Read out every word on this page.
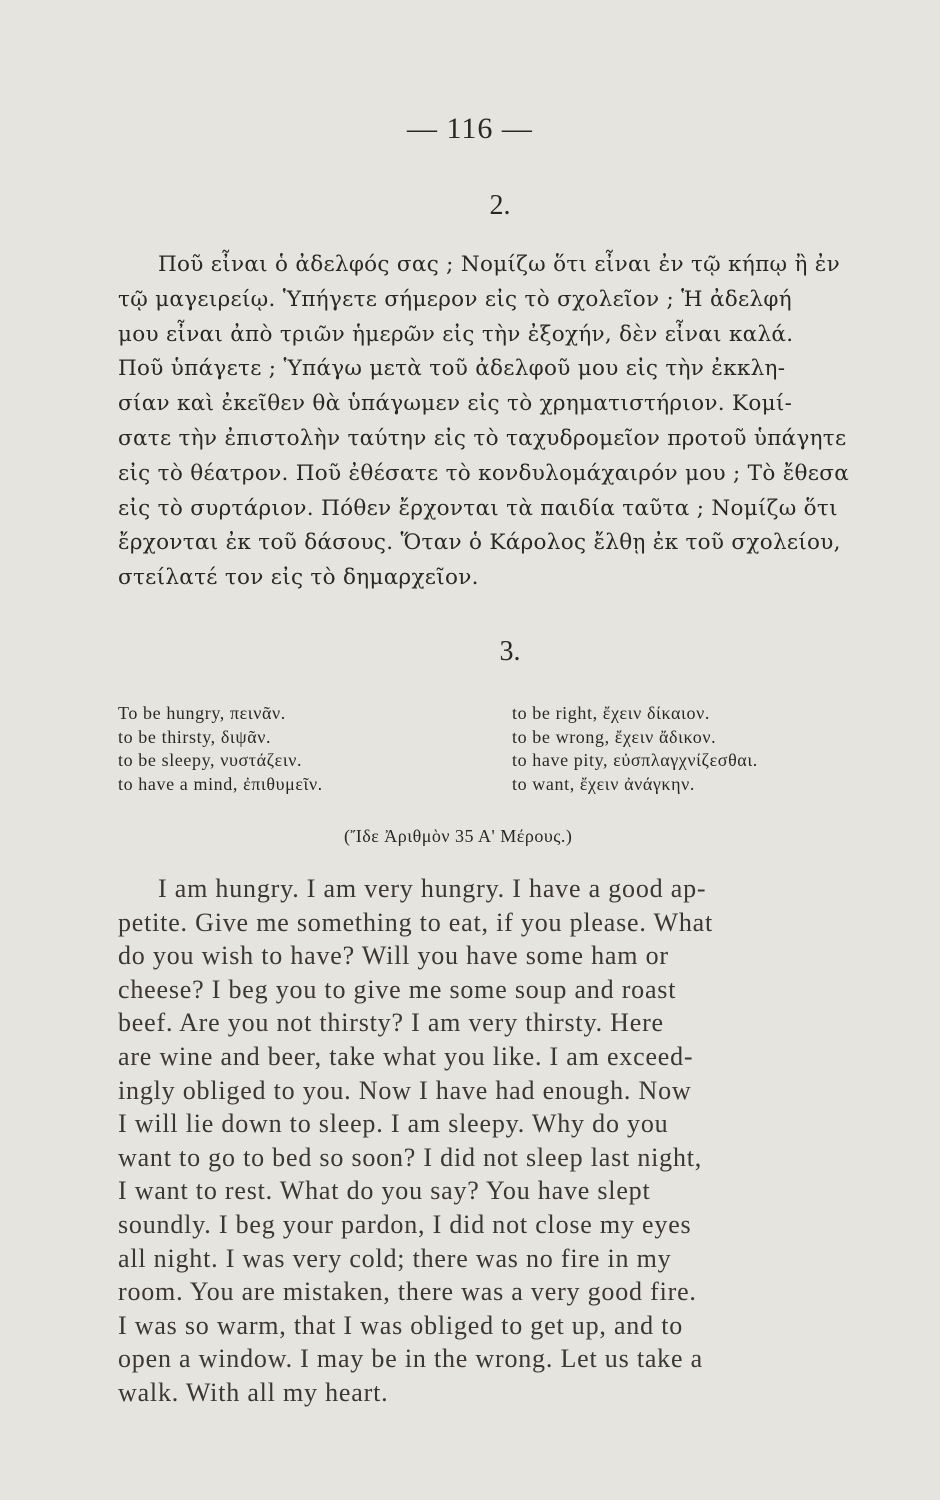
— 116 —
2.
Ποῦ εἶναι ὁ ἀδελφός σας ; Νομίζω ὅτι εἶναι ἐν τῷ κήπῳ ἢ ἐν
τῷ μαγειρείῳ. Ὑπήγετε σήμερον εἰς τὸ σχολεῖον ; Ἡ ἀδελφή
μου εἶναι ἀπὸ τριῶν ἡμερῶν εἰς τὴν ἐξοχήν, δὲν εἶναι καλά.
Ποῦ ὑπάγετε ; Ὑπάγω μετὰ τοῦ ἀδελφοῦ μου εἰς τὴν ἐκκλη-
σίαν καὶ ἐκεῖθεν θὰ ὑπάγωμεν εἰς τὸ χρηματιστήριον. Κομί-
σατε τὴν ἐπιστολὴν ταύτην εἰς τὸ ταχυδρομεῖον πρoτοῦ ὑπάγητε
εἰς τὸ θέατρον. Ποῦ ἐθέσατε τὸ κονδυλομάχαιρόν μου ; Τὸ ἔθεσα
εἰς τὸ συρτάριον. Πόθεν ἔρχονται τὰ παιδία ταῦτα ; Νομίζω ὅτι
ἔρχονται ἐκ τοῦ δάσους. Ὅταν ὁ Κάρολος ἔλθῃ ἐκ τοῦ σχολείου,
στείλατέ τον εἰς τὸ δημαρχεῖον.
3.
To be hungry, πεινᾶν.
to be thirsty, διψᾶν.
to be sleepy, νυστάζειν.
to have a mind, ἐπιθυμεῖν.
to be right, ἔχειν δίκαιον.
to be wrong, ἔχειν ἄδικον.
to have pity, εὐσπλαγχνίζεσθαι.
to want, ἔχειν ἀνάγκην.
(Ἴδε Ἀριθμὸν 35 Α' Μέρους.)
I am hungry. I am very hungry. I have a good ap-
petite. Give me something to eat, if you please. What
do you wish to have? Will you have some ham or
cheese? I beg you to give me some soup and roast
beef. Are you not thirsty? I am very thirsty. Here
are wine and beer, take what you like. I am exceed-
ingly obliged to you. Now I have had enough. Now
I will lie down to sleep. I am sleepy. Why do you
want to go to bed so soon? I did not sleep last night,
I want to rest. What do you say? You have slept
soundly. I beg your pardon, I did not close my eyes
all night. I was very cold; there was no fire in my
room. You are mistaken, there was a very good fire.
I was so warm, that I was obliged to get up, and to
open a window. I may be in the wrong. Let us take a
walk. With all my heart.
